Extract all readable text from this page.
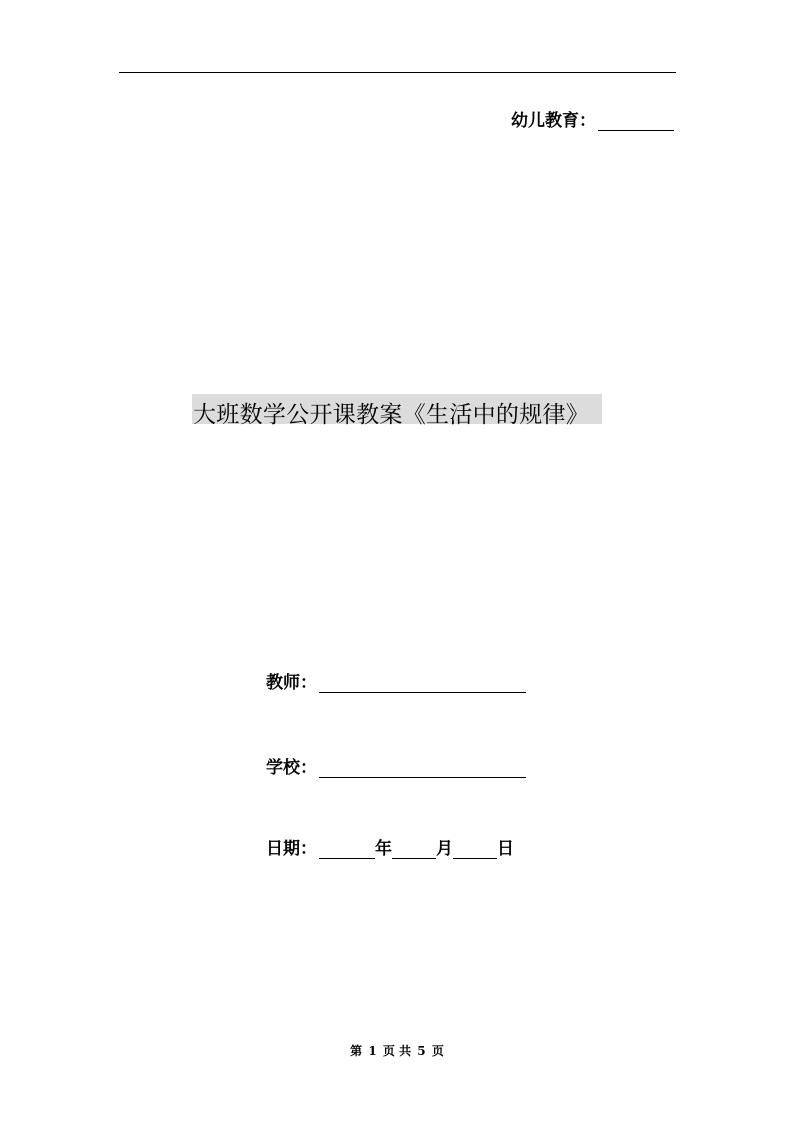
幼儿教育：
大班数学公开课教案《生活中的规律》
教师：
学校：
日期：	年	月	日
第 1 页 共 5 页
